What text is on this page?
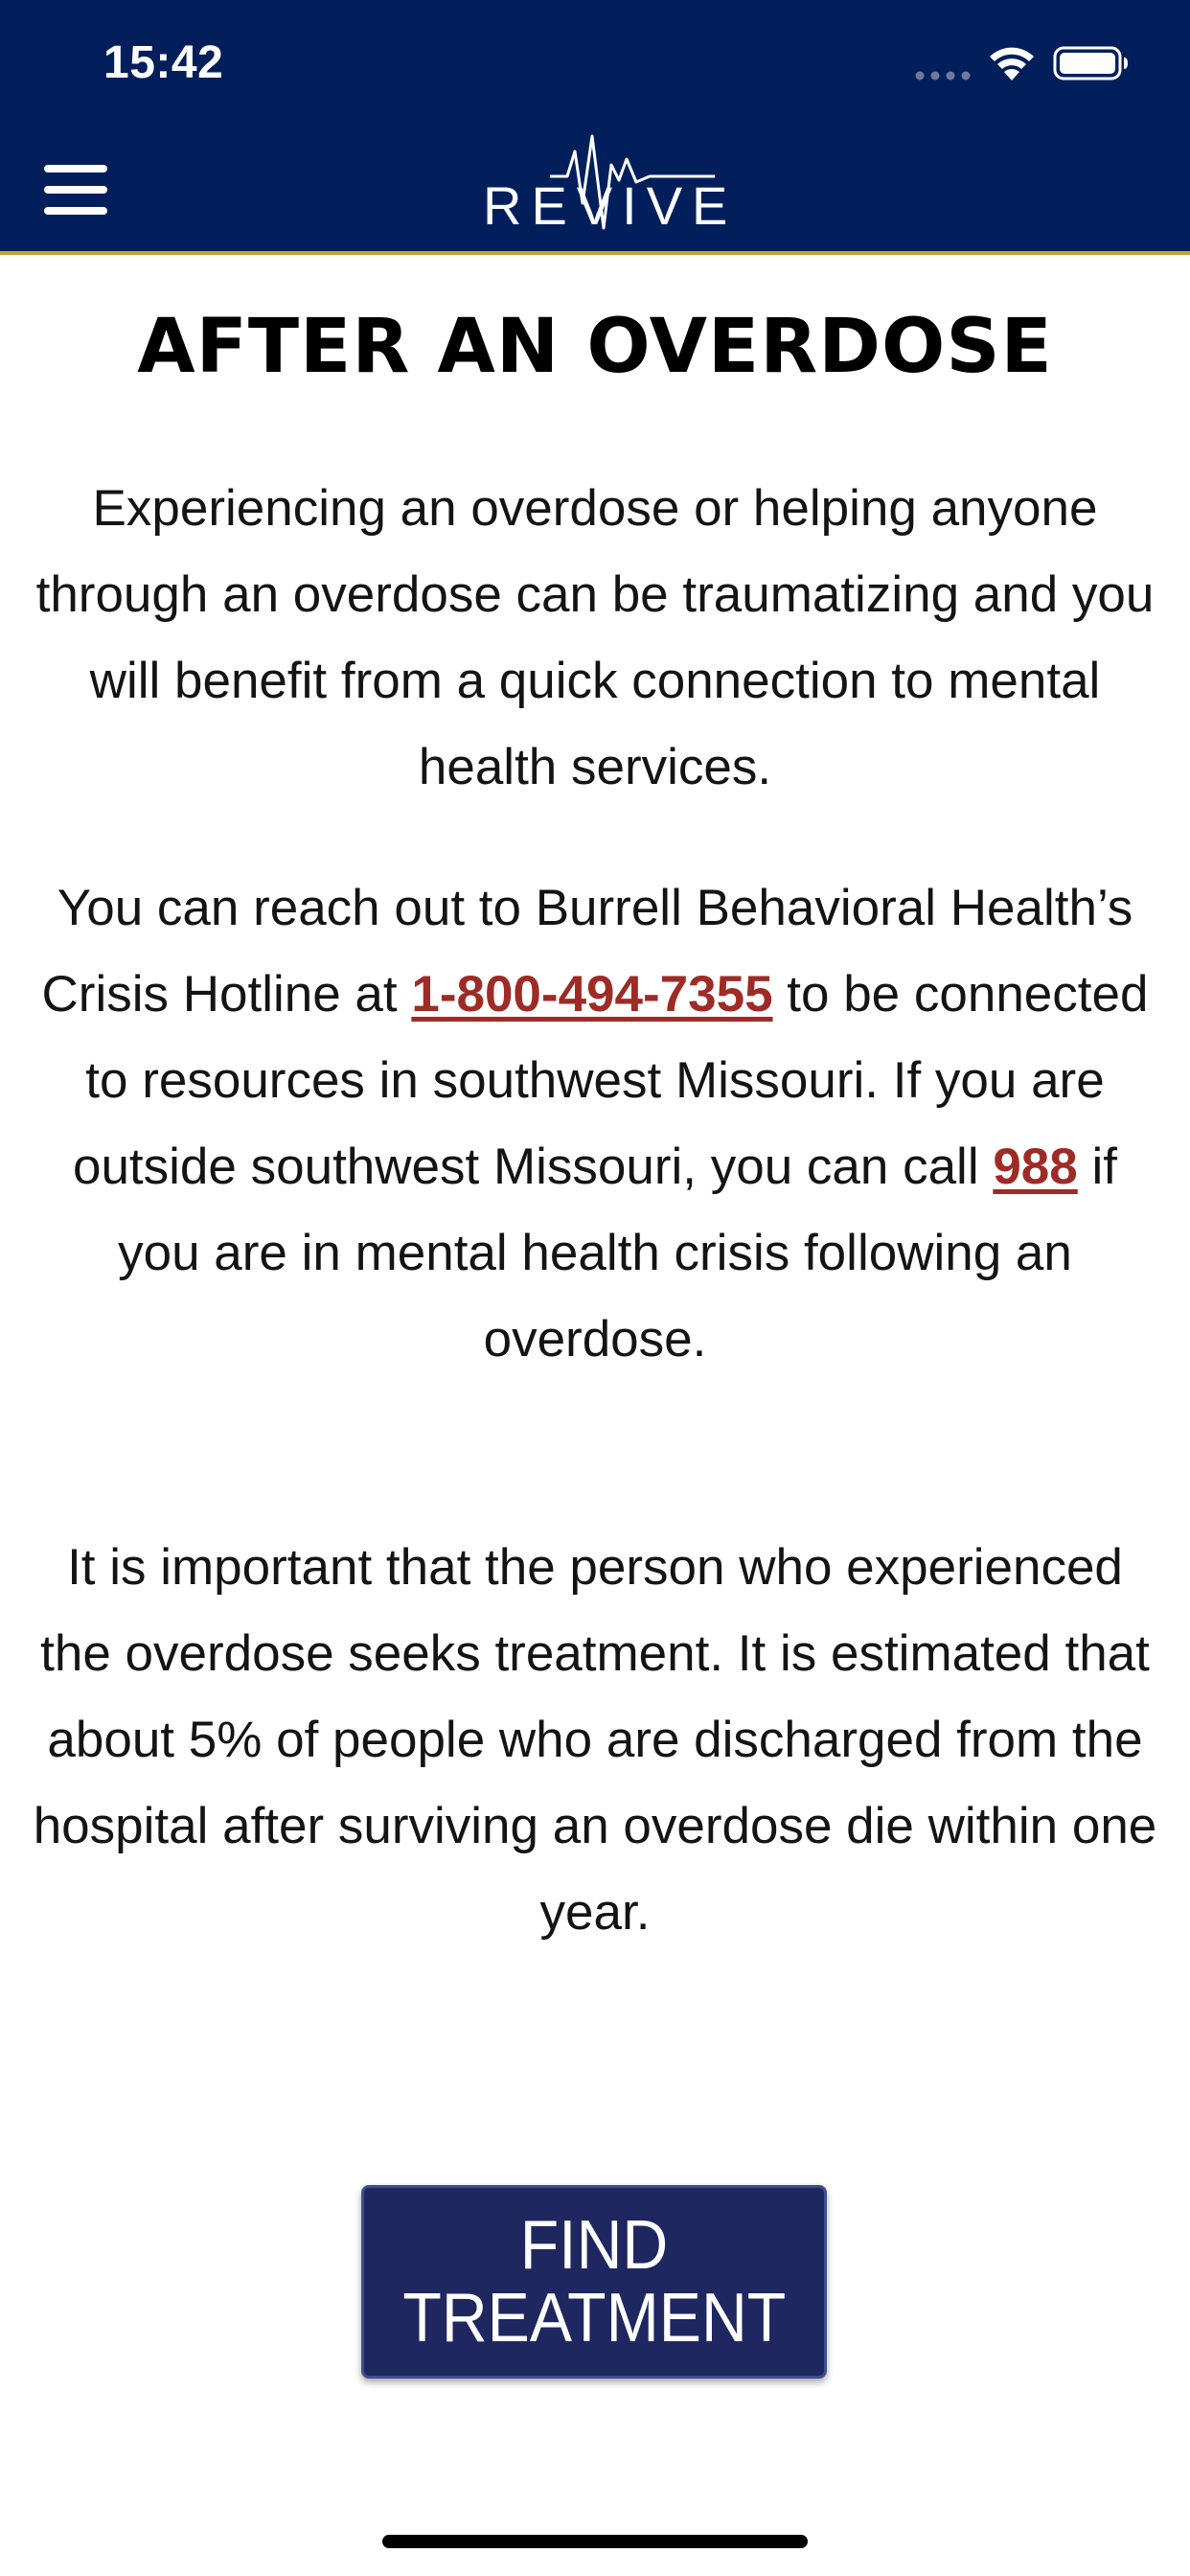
15:42
REVIVE
AFTER AN OVERDOSE

Experiencing an overdose or helping anyone through an overdose can be traumatizing and you will benefit from a quick connection to mental health services.

You can reach out to Burrell Behavioral Health’s Crisis Hotline at 1-800-494-7355 to be connected to resources in southwest Missouri. If you are outside southwest Missouri, you can call 988 if you are in mental health crisis following an overdose.

It is important that the person who experienced the overdose seeks treatment. It is estimated that about 5% of people who are discharged from the hospital after surviving an overdose die within one year.

FIND
TREATMENT
